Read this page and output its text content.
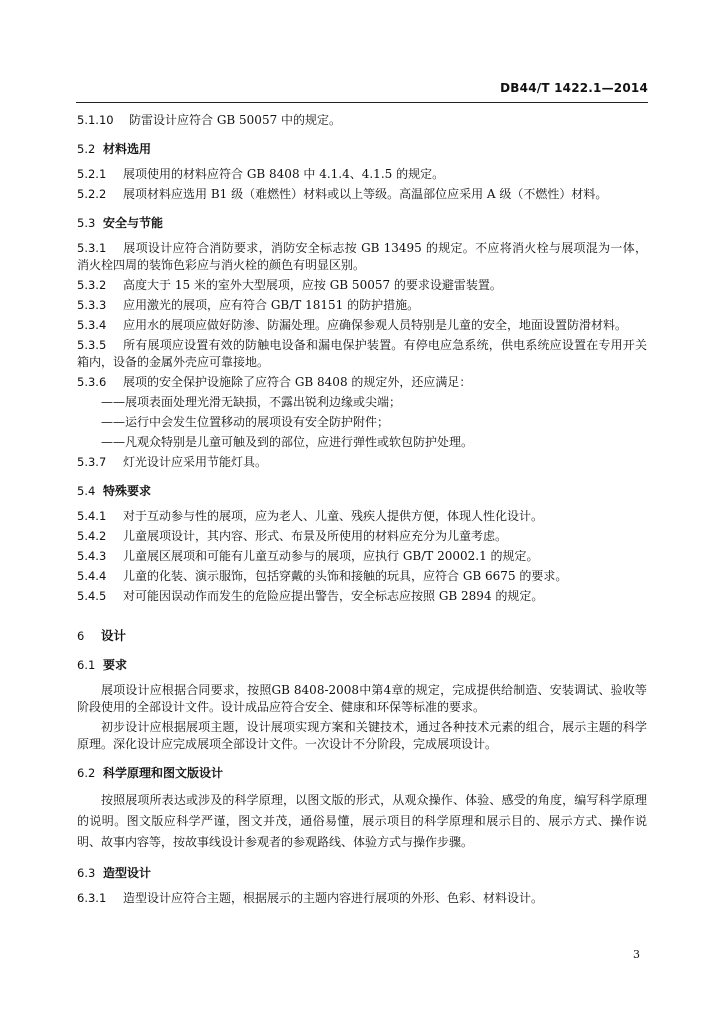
DB44/T 1422.1—2014

5.1.10 防雷设计应符合 GB 50057 中的规定。

5.2 材料选用

5.2.1 展项使用的材料应符合 GB 8408 中 4.1.4、4.1.5 的规定。

5.2.2 展项材料应选用 B1 级（难燃性）材料或以上等级。高温部位应采用 A 级（不燃性）材料。

5.3 安全与节能

5.3.1 展项设计应符合消防要求，消防安全标志按 GB 13495 的规定。不应将消火栓与展项混为一体，消火栓四周的装饰色彩应与消火栓的颜色有明显区别。

5.3.2 高度大于 15 米的室外大型展项，应按 GB 50057 的要求设避雷装置。

5.3.3 应用激光的展项，应有符合 GB/T 18151 的防护措施。

5.3.4 应用水的展项应做好防渗、防漏处理。应确保参观人员特别是儿童的安全，地面设置防滑材料。

5.3.5 所有展项应设置有效的防触电设备和漏电保护装置。有停电应急系统，供电系统应设置在专用开关箱内，设备的金属外壳应可靠接地。

5.3.6 展项的安全保护设施除了应符合 GB 8408 的规定外，还应满足：

——展项表面处理光滑无缺损，不露出锐利边缘或尖端；

——运行中会发生位置移动的展项设有安全防护附件；

——凡观众特别是儿童可触及到的部位，应进行弹性或软包防护处理。

5.3.7 灯光设计应采用节能灯具。

5.4 特殊要求

5.4.1 对于互动参与性的展项，应为老人、儿童、残疾人提供方便，体现人性化设计。

5.4.2 儿童展项设计，其内容、形式、布景及所使用的材料应充分为儿童考虑。

5.4.3 儿童展区展项和可能有儿童互动参与的展项，应执行 GB/T 20002.1 的规定。

5.4.4 儿童的化装、演示服饰，包括穿戴的头饰和接触的玩具，应符合 GB 6675 的要求。

5.4.5 对可能因误动作而发生的危险应提出警告，安全标志应按照 GB 2894 的规定。

6 设计
6.1 要求

展项设计应根据合同要求，按照GB 8408-2008中第4章的规定，完成提供给制造、安装调试、验收等阶段使用的全部设计文件。设计成品应符合安全、健康和环保等标准的要求。

初步设计应根据展项主题，设计展项实现方案和关键技术，通过各种技术元素的组合，展示主题的科学原理。深化设计应完成展项全部设计文件。一次设计不分阶段，完成展项设计。

6.2 科学原理和图文版设计

按照展项所表达或涉及的科学原理，以图文版的形式，从观众操作、体验、感受的角度，编写科学原理的说明。图文版应科学严谨，图文并茂，通俗易懂，展示项目的科学原理和展示目的、展示方式、操作说明、故事内容等，按故事线设计参观者的参观路线、体验方式与操作步骤。

6.3 造型设计

6.3.1 造型设计应符合主题，根据展示的主题内容进行展项的外形、色彩、材料设计。

3
